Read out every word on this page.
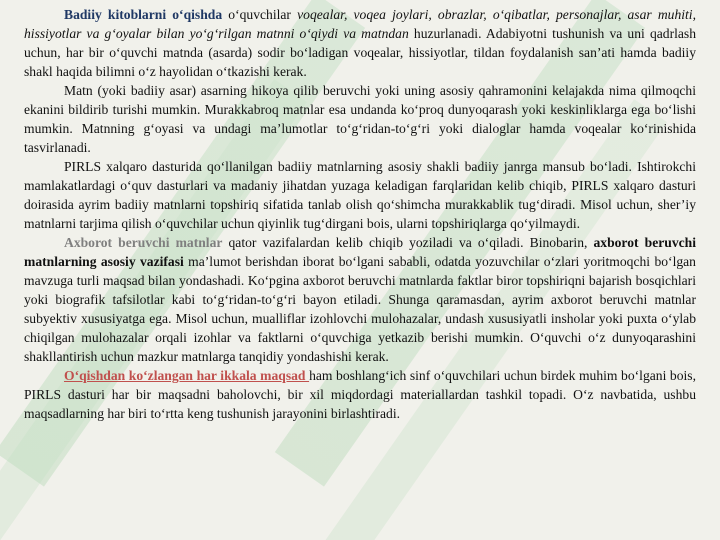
Badiiy kitoblarni o‘qishda o‘quvchilar voqealar, voqea joylari, obrazlar, o‘qibatlar, personajlar, asar muhiti, hissiyotlar va g‘oyalar bilan yo‘g‘rilgan matnni o‘qiydi va matndan huzurlanadi. Adabiyotni tushunish va uni qadrlash uchun, har bir o‘quvchi matnda (asarda) sodir bo‘ladigan voqealar, hissiyotlar, tildan foydalanish san’ati hamda badiiy shakl haqida bilimni o‘z hayolidan o‘tkazishi kerak.

Matn (yoki badiiy asar) asarning hikoya qilib beruvchi yoki uning asosiy qahramonini kelajakda nima qilmoqchi ekanini bildirib turishi mumkin. Murakkabroq matnlar esa undanda ko‘proq dunyoqarash yoki keskinliklarga ega bo‘lishi mumkin. Matnning g‘oyasi va undagi ma’lumotlar to‘g‘ridan-to‘g‘ri yoki dialoglar hamda voqealar ko‘rinishida tasvirlanadi.

PIRLS xalqaro dasturida qo‘llanilgan badiiy matnlarning asosiy shakli badiiy janrga mansub bo‘ladi. Ishtirokchi mamlakatlardagi o‘quv dasturlari va madaniy jihatdan yuzaga keladigan farqlaridan kelib chiqib, PIRLS xalqaro dasturi doirasida ayrim badiiy matnlarni topshiriq sifatida tanlab olish qo‘shimcha murakkablik tug‘diradi. Misol uchun, sher’iy matnlarni tarjima qilish o‘quvchilar uchun qiyinlik tug‘dirgani bois, ularni topshiriqlarga qo‘yilmaydi.

Axborot beruvchi matnlar qator vazifalardan kelib chiqib yoziladi va o‘qiladi. Binobarin, axborot beruvchi matnlarning asosiy vazifasi ma’lumot berishdan iborat bo‘lgani sababli, odatda yozuvchilar o‘zlari yoritmoqchi bo‘lgan mavzuga turli maqsad bilan yondashadi. Ko‘pgina axborot beruvchi matnlarda faktlar biror topshiriqni bajarish bosqichlari yoki biografik tafsilotlar kabi to‘g‘ridan-to‘g‘ri bayon etiladi. Shunga qaramasdan, ayrim axborot beruvchi matnlar subyektiv xususiyatga ega. Misol uchun, mualliflar izohlovchi mulohazalar, undash xususiyatli insholar yoki puxta o‘ylab chiqilgan mulohazalar orqali izohlar va faktlarni o‘quvchiga yetkazib berishi mumkin. O‘quvchi o‘z dunyoqarashini shakllantirish uchun mazkur matnlarga tanqidiy yondashishi kerak.

O‘qishdan ko‘zlangan har ikkala maqsad ham boshlang‘ich sinf o‘quvchilari uchun birdek muhim bo‘lgani bois, PIRLS dasturi har bir maqsadni baholovchi, bir xil miqdordagi materiallardan tashkil topadi. O‘z navbatida, ushbu maqsadlarning har biri to‘rtta keng tushunish jarayonini birlashtiradi.
